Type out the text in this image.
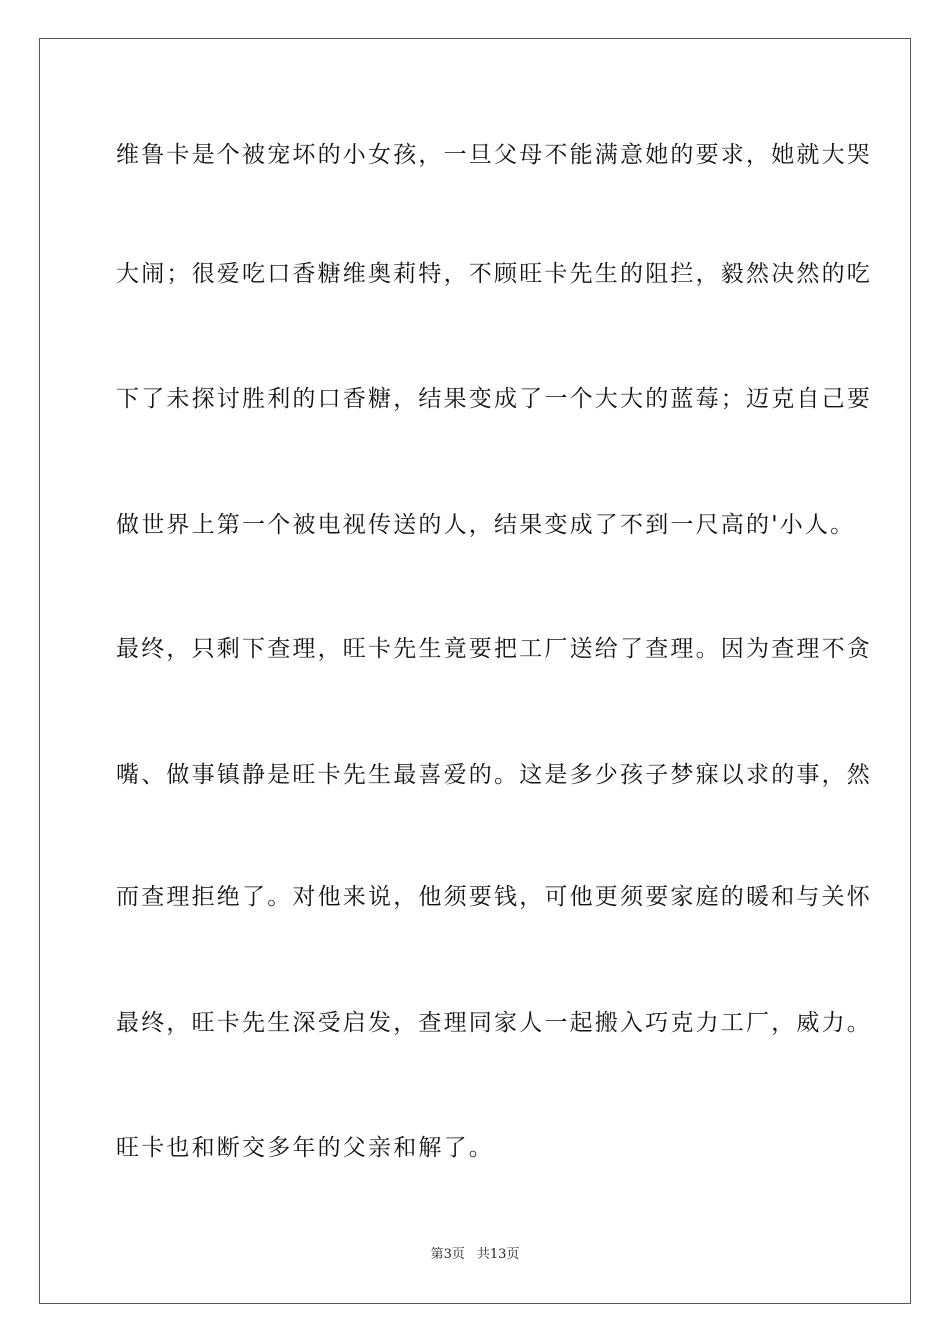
维鲁卡是个被宠坏的小女孩，一旦父母不能满意她的要求，她就大哭
大闹；很爱吃口香糖维奥莉特，不顾旺卡先生的阻拦，毅然决然的吃
下了未探讨胜利的口香糖，结果变成了一个大大的蓝莓；迈克自己要
做世界上第一个被电视传送的人，结果变成了不到一尺高的'小人。
最终，只剩下查理，旺卡先生竟要把工厂送给了查理。因为查理不贪
嘴、做事镇静是旺卡先生最喜爱的。这是多少孩子梦寐以求的事，然
而查理拒绝了。对他来说，他须要钱，可他更须要家庭的暖和与关怀
最终，旺卡先生深受启发，查理同家人一起搬入巧克力工厂，威力。
旺卡也和断交多年的父亲和解了。
第3页 共13页
